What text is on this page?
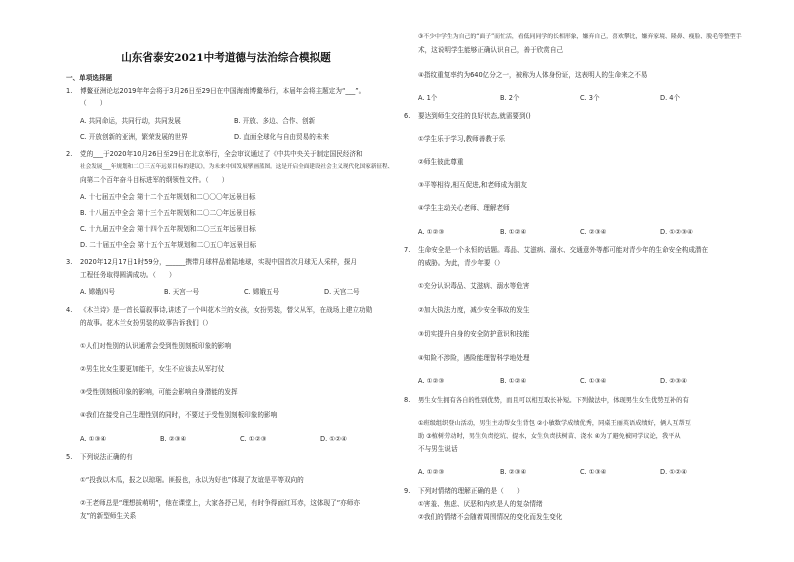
山东省泰安2021中考道德与法治综合模拟题
一、单项选择题
1. 博鳌亚洲论坛2019年年会将于3月26日至29日在中国海南博鳌举行，本届年会将主题定为“___”。
（　　）
A. 共同命运，共同行动，共同发展	B. 开放、多边、合作、创新
C. 开放创新的亚洲，繁荣发展的世界	D. 直面全球化与自由贸易的未来
2. 党的___于2020年10月26日至29日在北京举行，全会审议通过了《中共中央关于制定国民经济和
社会发展___年规划和二〇三五年远景目标的建议》，为未来中国发展擘画蓝图。这是开启全面建设社会主义现代化国家新征程、
向第二个百年奋斗目标进军的纲领性文件。（　　）
A. 十七届五中全会 第十二个五年规划和二〇〇〇年远景目标
B. 十八届五中全会 第十三个五年规划和二〇二〇年远景目标
C. 十九届五中全会 第十四个五年规划和二〇三五年远景目标
D. 二十届五中全会 第十五个五年规划和二〇五〇年远景目标
3. 2020年12月17日1时59分，______携带月球样品着陆地球，实现中国首次月球无人采样，探月
工程任务取得圆满成功。（　　）
A. 嫦娥四号	B. 天宫一号	C. 嫦娥五号	D. 天宫二号
4. 《木兰诗》是一首长篇叙事诗,讲述了一个叫花木兰的女孩，女扮男装，替父从军，在战场上建立功勋
的故事。花木兰女扮男装的故事告诉我们（）
①人们对性别的认识通常会受到性别刻板印象的影响
②男生比女生要更加能干，女生不应该去从军打仗
③受性别刻板印象的影响，可能会影响自身潜能的发挥
④我们在接受自己生理性别的同时，不要过于受性别刻板印象的影响
A. ①③④	B. ②③④	C. ①②③	D. ①②④
5. 下列说法正确的有
①“投我以木瓜，报之以琼琚。匪报也，永以为好也”体现了友谊是平等双向的
②王老师总是“理想拔萌明”，他在课堂上，大家各抒己见，有时争得面红耳赤，这体现了“亦师亦
友”的新型师生关系
③不少中学生为自己的“面子”而忙活，看低同同学的长相形象，嫌弃自己，喜欢攀比，嫌弃家境、隆鼻、瘦脸、脱毛等整型手
术，这说明学生能够正确认识自己，善于欣赏自己
④指纹重复率约为640亿分之一，被称为人体身份证，这表明人的生命来之不易
A. 1个	B. 2个	C. 3个	D. 4个
6. 要达到师生交往的良好状态,就需要到()
①学生乐于学习,教师善教于乐
②师生彼此尊重
③平等相待,相互促进,和老师成为朋友
④学生主动关心老师、理解老师
A. ①②③	B. ①②④	C. ②③④	D. ①②③④
7. 生命安全是一个永恒的话题。毒品、艾滋病、溺水、交通意外等都可能对青少年的生命安全构成潜在
的威胁。为此，青少年要（）
①充分认识毒品、艾滋病、溺水等危害
②加大执法力度，减少安全事故的发生
③切实提升自身的安全防护意识和技能
④知险不涉险，遇险能理智科学地处理
A. ①②③	B. ①②④	C. ①③④	D. ②③④
8. 男生女生拥有各自的性别优势，而且可以相互取长补短。下列做法中，体现男生女生优势互补的有
①班级组织登山活动，男生主动帮女生背包 ②小敏数学成绩优秀，同桌王丽英语成绩好，俩人互帮互
助 ③植树劳动时，男生负责挖坑、提水，女生负责扶树苗、浇水 ④为了避免被同学议论，我平从
不与男生说话
A. ①②③	B. ②③④	C. ①③④	D. ①②④
9. 下列对情绪的理解正确的是（　　）
①害羞、焦虑、厌恶和内疚是人的复杂情绪
②我们的情绪不会随着周围情况的变化而发生变化
